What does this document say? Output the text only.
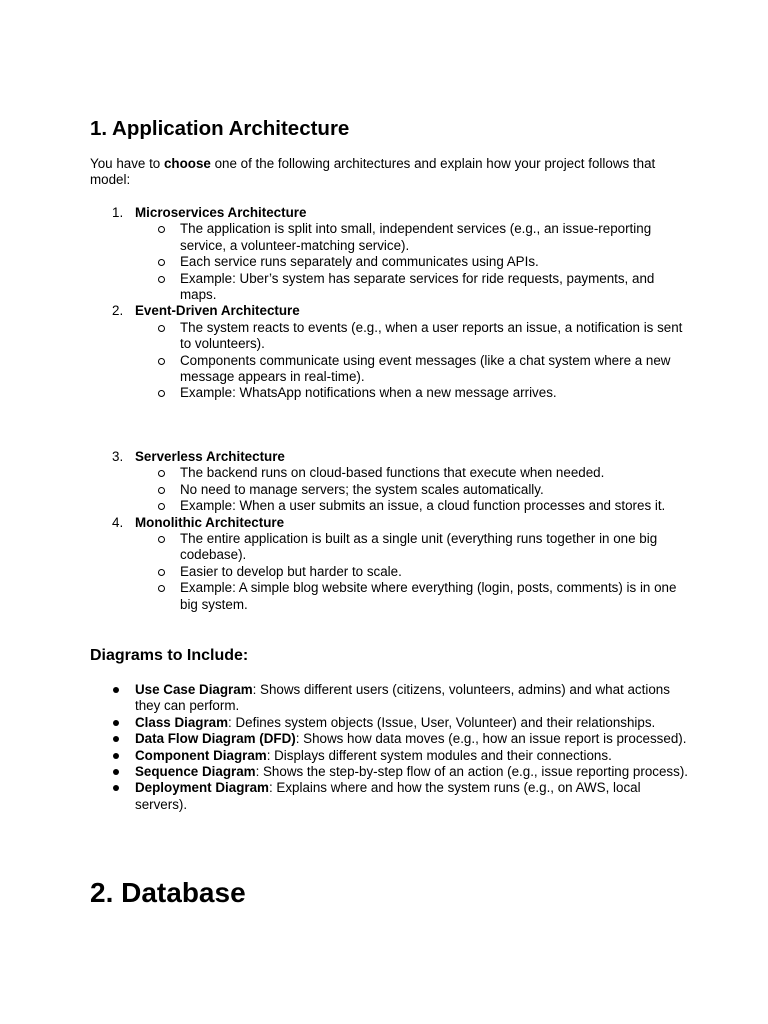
1. Application Architecture

You have to choose one of the following architectures and explain how your project follows that model:

1. Microservices Architecture
The application is split into small, independent services (e.g., an issue-reporting service, a volunteer-matching service).
Each service runs separately and communicates using APIs.
Example: Uber’s system has separate services for ride requests, payments, and maps.
2. Event-Driven Architecture
The system reacts to events (e.g., when a user reports an issue, a notification is sent to volunteers).
Components communicate using event messages (like a chat system where a new message appears in real-time).
Example: WhatsApp notifications when a new message arrives.
3. Serverless Architecture
The backend runs on cloud-based functions that execute when needed.
No need to manage servers; the system scales automatically.
Example: When a user submits an issue, a cloud function processes and stores it.
4. Monolithic Architecture
The entire application is built as a single unit (everything runs together in one big codebase).
Easier to develop but harder to scale.
Example: A simple blog website where everything (login, posts, comments) is in one big system.
Diagrams to Include:
Use Case Diagram: Shows different users (citizens, volunteers, admins) and what actions they can perform.
Class Diagram: Defines system objects (Issue, User, Volunteer) and their relationships.
Data Flow Diagram (DFD): Shows how data moves (e.g., how an issue report is processed).
Component Diagram: Displays different system modules and their connections.
Sequence Diagram: Shows the step-by-step flow of an action (e.g., issue reporting process).
Deployment Diagram: Explains where and how the system runs (e.g., on AWS, local servers).
2. Database
